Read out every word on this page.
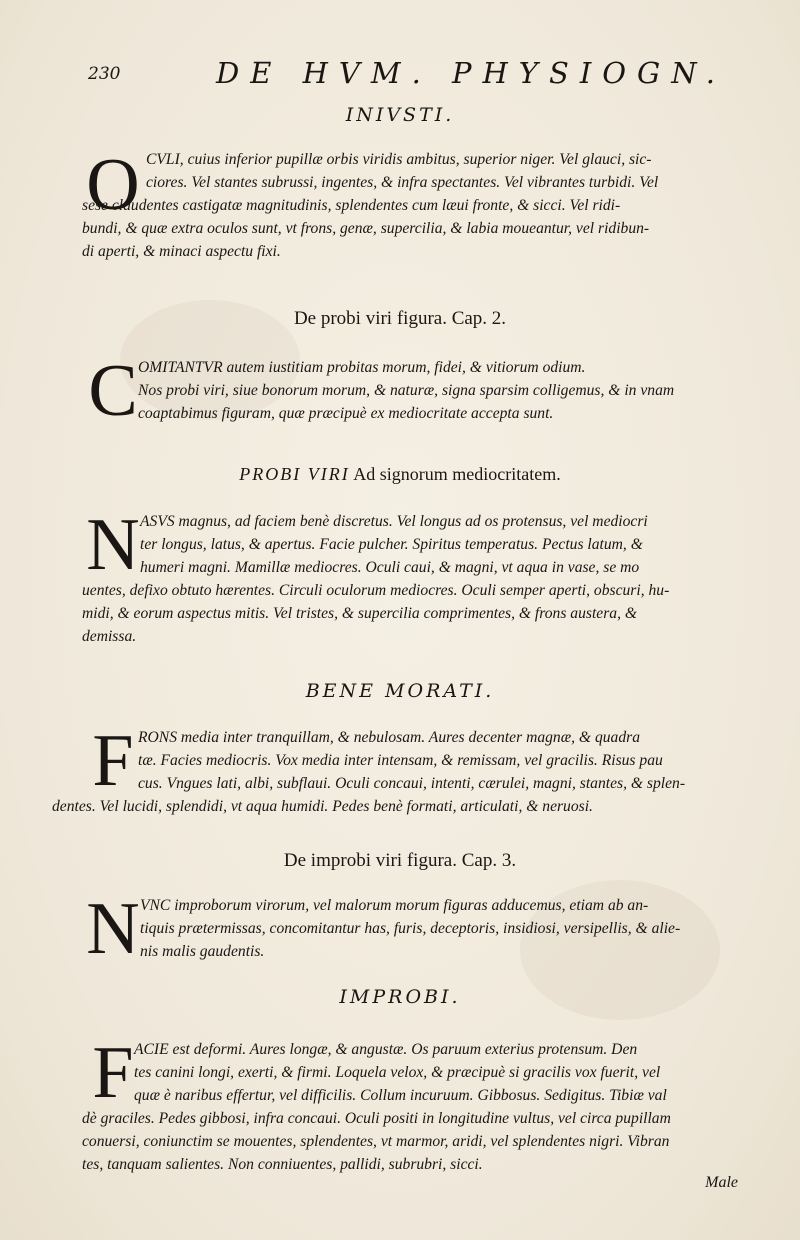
230	DE HVM. PHYSIOGN.
INIVSTI.
O CVLI, cuius inferior pupillæ orbis viridis ambitus, superior niger. Vel glauci, sic-
ciores. Vel stantes subrussi, ingentes, & infra spectantes. Vel vibrantes turbidi. Vel
sese claudentes castigatæ magnitudinis, splendentes cum læui fronte, & sicci. Vel ridi-
bundi, & quæ extra oculos sunt, vt frons, genæ, supercilia, & labia moueantur, vel ridibun-
di aperti, & minaci aspectu fixi.
De probi viri figura. Cap. 2.
C OMITANTVR autem iustitiam probitas morum, fidei, & vitiorum odium.
Nos probi viri, siue bonorum morum, & naturæ, signa sparsim colligemus, & in vnam
coaptabimus figuram, quæ præcipuè ex mediocritate accepta sunt.
PROBI VIRI Ad signorum mediocritatem.
N ASVS magnus, ad faciem benè discretus. Vel longus ad os protensus, vel mediocri
ter longus, latus, & apertus. Facie pulcher. Spiritus temperatus. Pectus latum, &
humeri magni. Mamillæ mediocres. Oculi caui, & magni, vt aqua in vase, se mo
uentes, defixo obtuto hærentes. Circuli oculorum mediocres. Oculi semper aperti, obscuri, hu-
midi, & eorum aspectus mitis. Vel tristes, & supercilia comprimentes, & frons austera, &
demissa.
BENE MORATI.
F RONS media inter tranquillam, & nebulosam. Aures decenter magnæ, & quadra
tæ. Facies mediocris. Vox media inter intensam, & remissam, vel gracilis. Risus pau
cus. Vngues lati, albi, subflaui. Oculi concaui, intenti, cærulei, magni, stantes, & splen-
dentes. Vel lucidi, splendidi, vt aqua humidi. Pedes benè formati, articulati, & neruosi.
De improbi viri figura. Cap. 3.
N VNC improborum virorum, vel malorum morum figuras adducemus, etiam ab an-
tiquis prætermissas, concomitantur has, furis, deceptoris, insidiosi, versipellis, & alie-
nis malis gaudentis.
IMPROBI.
F ACIE est deformi. Aures longæ, & angustæ. Os paruum exterius protensum. Den
tes canini longi, exerti, & firmi. Loquela velox, & præcipuè si gracilis vox fuerit, vel
quæ è naribus effertur, vel difficilis. Collum incuruum. Gibbosus. Sedigitus. Tibiæ val
dè graciles. Pedes gibbosi, infra concaui. Oculi positi in longitudine vultus, vel circa pupillam
conuersi, coniunctim se mouentes, splendentes, vt marmor, aridi, vel splendentes nigri. Vibran
tes, tanquam salientes. Non conniuentes, pallidi, subrubri, sicci.
Male
